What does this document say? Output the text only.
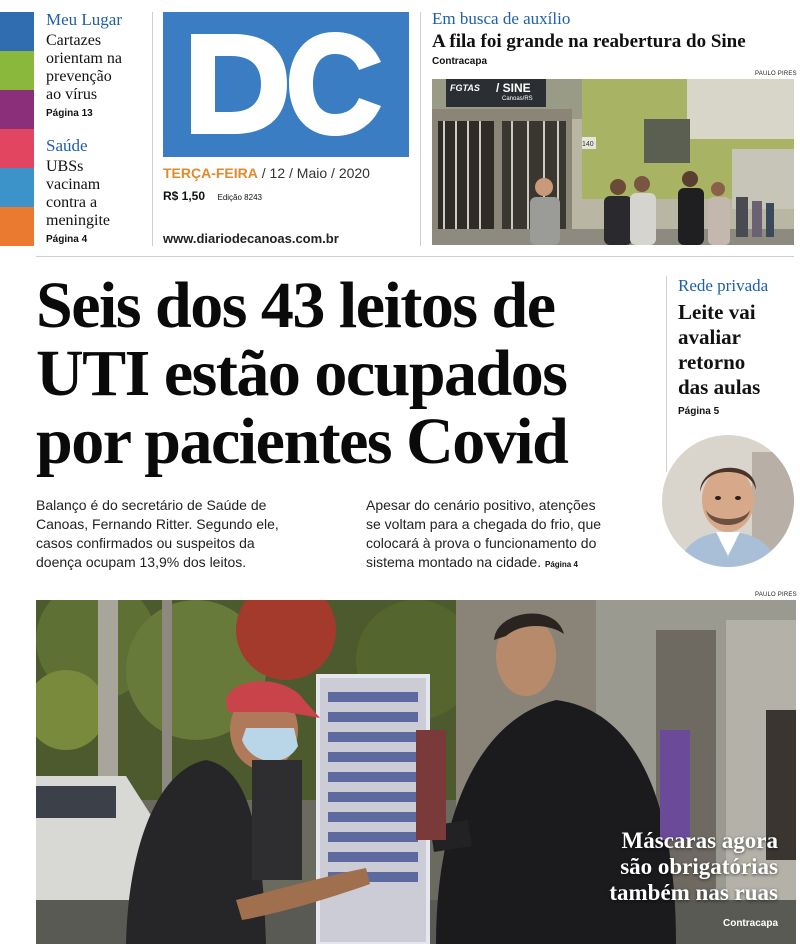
Meu Lugar
Cartazes
orientam na
prevenção
ao vírus
Página 13
Saúde
UBSs
vacinam
contra a
meningite
Página 4
TERÇA-FEIRA / 12 / Maio / 2020
R$ 1,50 Edição 8243
www.diariodecanoas.com.br
Em busca de auxílio
A fila foi grande na reabertura do Sine
Contracapa
PAULO PIRES
FGTAS / SINE
Canoas/RS
140
Seis dos 43 leitos de
UTI estão ocupados
por pacientes Covid
Balanço é do secretário de Saúde de
Canoas, Fernando Ritter. Segundo ele,
casos confirmados ou suspeitos da
doença ocupam 13,9% dos leitos.
Apesar do cenário positivo, atenções
se voltam para a chegada do frio, que
colocará à prova o funcionamento do
sistema montado na cidade. Página 4
Rede privada
Leite vai
avaliar
retorno
das aulas
Página 5
PAULO PIRES
Máscaras agora
são obrigatórias
também nas ruas
Contracapa
